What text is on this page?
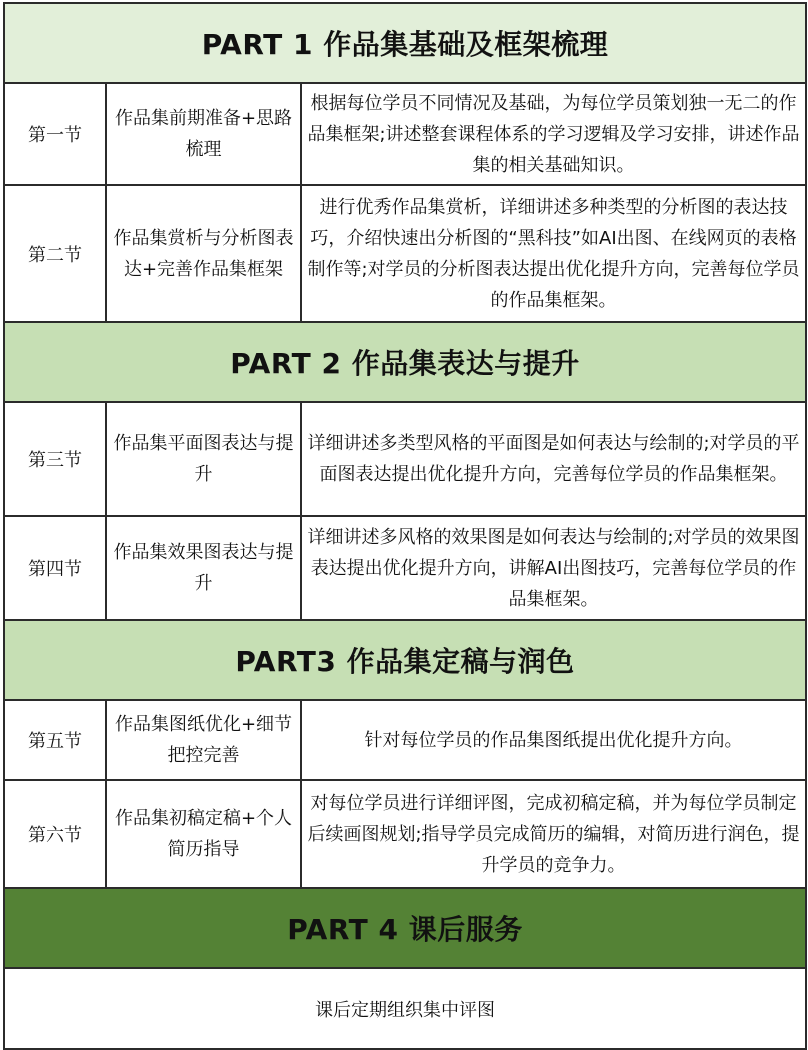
PART 1 作品集基础及框架梳理		
第一节	作品集前期准备+思路梳理	根据每位学员不同情况及基础，为每位学员策划独一无二的作品集框架;讲述整套课程体系的学习逻辑及学习安排，讲述作品集的相关基础知识。
第二节	作品集赏析与分析图表达+完善作品集框架	进行优秀作品集赏析，详细讲述多种类型的分析图的表达技巧，介绍快速出分析图的“黑科技”如AI出图、在线网页的表格制作等;对学员的分析图表达提出优化提升方向，完善每位学员的作品集框架。
PART 2 作品集表达与提升		
第三节	作品集平面图表达与提升	详细讲述多类型风格的平面图是如何表达与绘制的;对学员的平面图表达提出优化提升方向，完善每位学员的作品集框架。
第四节	作品集效果图表达与提升	详细讲述多风格的效果图是如何表达与绘制的;对学员的效果图表达提出优化提升方向，讲解AI出图技巧，完善每位学员的作品集框架。
PART3 作品集定稿与润色		
第五节	作品集图纸优化+细节把控完善	针对每位学员的作品集图纸提出优化提升方向。
第六节	作品集初稿定稿+个人简历指导	对每位学员进行详细评图，完成初稿定稿，并为每位学员制定后续画图规划;指导学员完成简历的编辑，对简历进行润色，提升学员的竞争力。
PART 4 课后服务		
课后定期组织集中评图		
